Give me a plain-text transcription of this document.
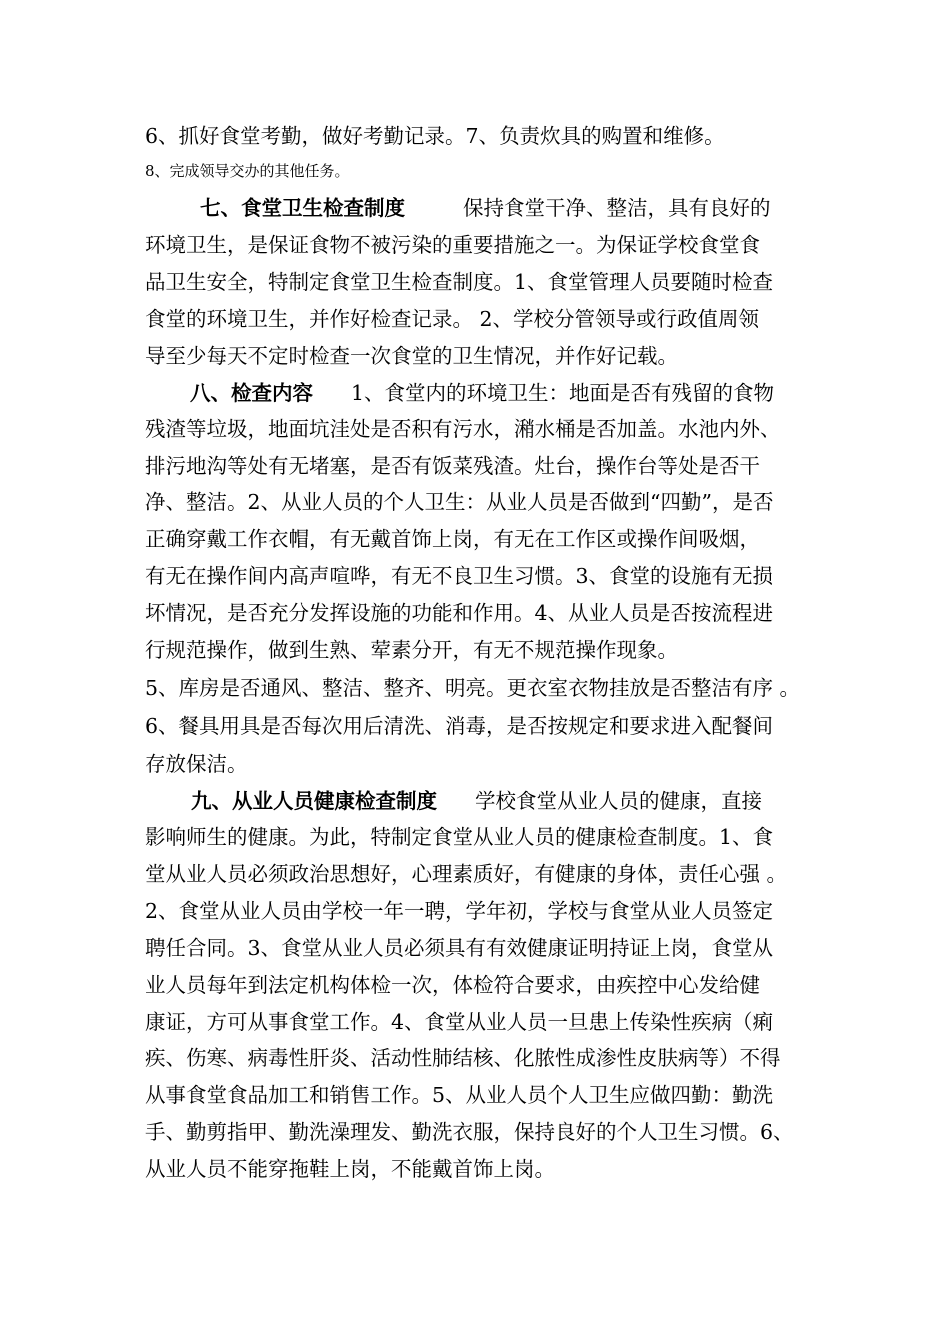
6、抓好食堂考勤，做好考勤记录。7、负责炊具的购置和维修。
8、完成领导交办的其他任务。
七、食堂卫生检查制度	保持食堂干净、整洁，具有良好的
环境卫生，是保证食物不被污染的重要措施之一。为保证学校食堂食
品卫生安全，特制定食堂卫生检查制度。1、食堂管理人员要随时检查
食堂的环境卫生，并作好检查记录。 2、学校分管领导或行政值周领
导至少每天不定时检查一次食堂的卫生情况，并作好记载。
八、检查内容 1、食堂内的环境卫生：地面是否有残留的食物
残渣等垃圾，地面坑洼处是否积有污水，潲水桶是否加盖。水池内外、
排污地沟等处有无堵塞，是否有饭菜残渣。灶台，操作台等处是否干
净、整洁。2、从业人员的个人卫生：从业人员是否做到“四勤”，是否
正确穿戴工作衣帽，有无戴首饰上岗，有无在工作区或操作间吸烟，
有无在操作间内高声喧哗，有无不良卫生习惯。3、食堂的设施有无损
坏情况，是否充分发挥设施的功能和作用。4、从业人员是否按流程进
行规范操作，做到生熟、荤素分开，有无不规范操作现象。
5、库房是否通风、整洁、整齐、明亮。更衣室衣物挂放是否整洁有序 。
6、餐具用具是否每次用后清洗、消毒，是否按规定和要求进入配餐间
存放保洁。
九、从业人员健康检查制度 学校食堂从业人员的健康，直接
影响师生的健康。为此，特制定食堂从业人员的健康检查制度。1、食
堂从业人员必须政治思想好，心理素质好，有健康的身体，责任心强 。
2、食堂从业人员由学校一年一聘，学年初，学校与食堂从业人员签定
聘任合同。3、食堂从业人员必须具有有效健康证明持证上岗，食堂从
业人员每年到法定机构体检一次，体检符合要求，由疾控中心发给健
康证，方可从事食堂工作。4、食堂从业人员一旦患上传染性疾病（痢
疾、伤寒、病毒性肝炎、活动性肺结核、化脓性成渗性皮肤病等）不得
从事食堂食品加工和销售工作。5、从业人员个人卫生应做四勤：勤洗
手、勤剪指甲、勤洗澡理发、勤洗衣服，保持良好的个人卫生习惯。6、
从业人员不能穿拖鞋上岗，不能戴首饰上岗。
